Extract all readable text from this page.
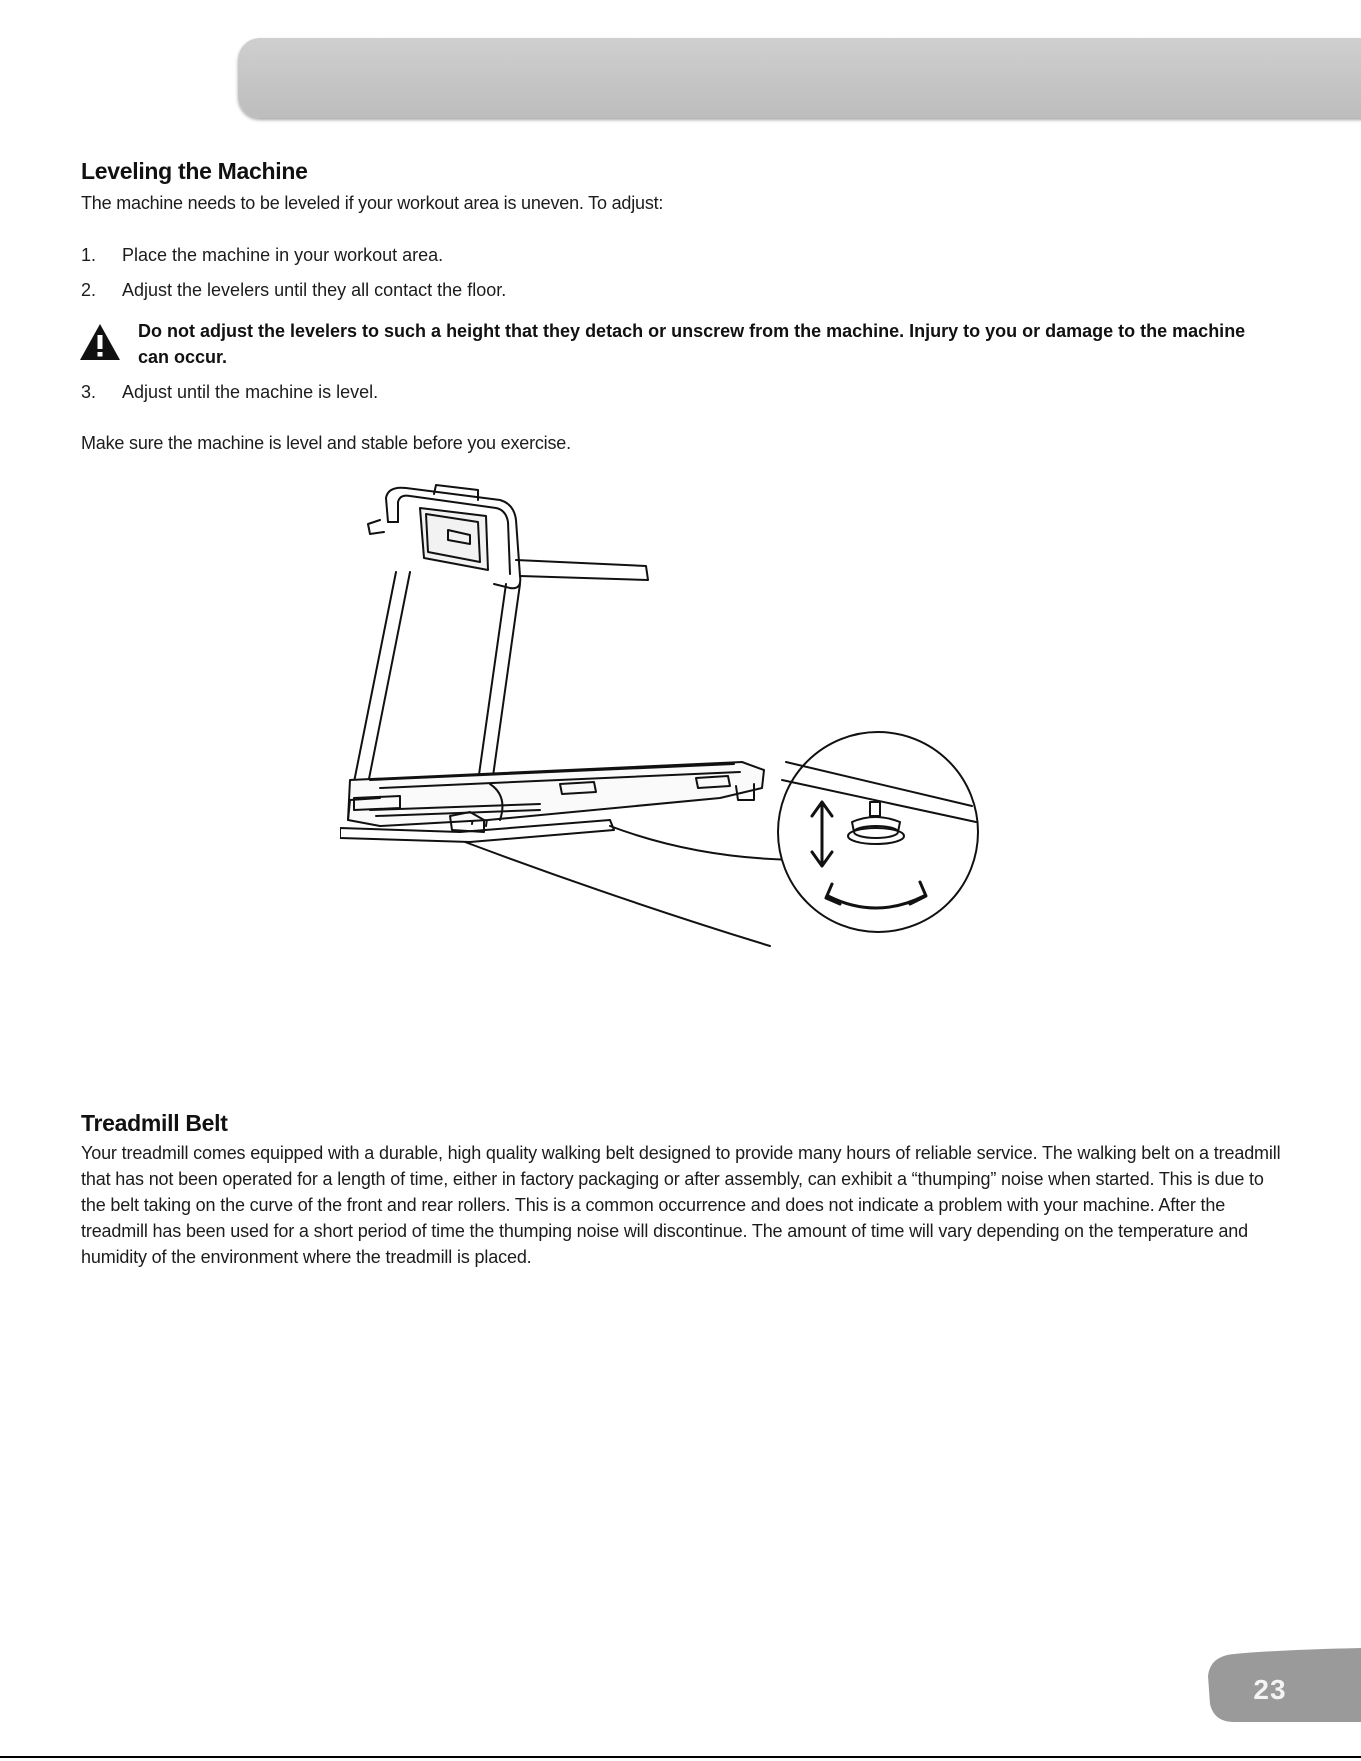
Leveling the Machine

The machine needs to be leveled if your workout area is uneven. To adjust:

1. Place the machine in your workout area.
2. Adjust the levelers until they all contact the floor.

Do not adjust the levelers to such a height that they detach or unscrew from the machine. Injury to you or damage to the machine can occur.

3. Adjust until the machine is level.

Make sure the machine is level and stable before you exercise.

Treadmill Belt

Your treadmill comes equipped with a durable, high quality walking belt designed to provide many hours of reliable service. The walking belt on a treadmill that has not been operated for a length of time, either in factory packaging or after assembly, can exhibit a “thumping” noise when started. This is due to the belt taking on the curve of the front and rear rollers. This is a common occurrence and does not indicate a problem with your machine. After the treadmill has been used for a short period of time the thumping noise will discontinue. The amount of time will vary depending on the temperature and humidity of the environment where the treadmill is placed.

23
